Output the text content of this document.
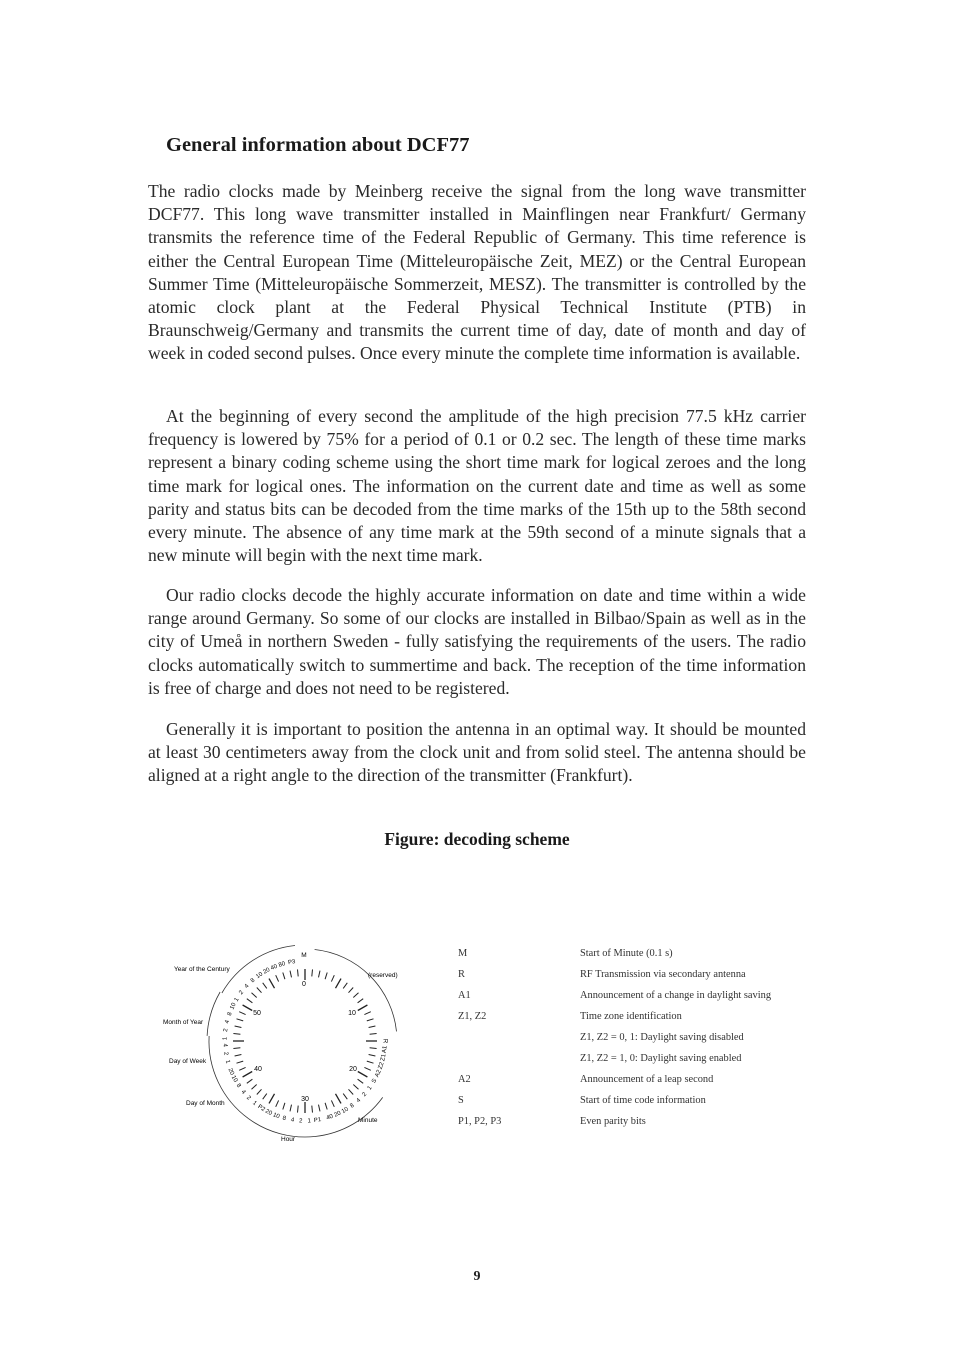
General information about DCF77

The radio clocks made by Meinberg receive the signal from the long wave transmitter DCF77. This long wave transmitter installed in Mainflingen near Frankfurt/ Germany transmits the reference time of the Federal Republic of Germany. This time reference is either the Central European Time (Mitteleuropäische Zeit, MEZ) or the Central European Summer Time (Mitteleuropäische Sommerzeit, MESZ). The transmitter is controlled by the atomic clock plant at the Federal Physical Technical Institute (PTB) in Braunschweig/Germany and transmits the current time of day, date of month and day of week in coded second pulses. Once every minute the complete time information is available.

At the beginning of every second the amplitude of the high precision 77.5 kHz carrier frequency is lowered by 75% for a period of 0.1 or 0.2 sec. The length of these time marks represent a binary coding scheme using the short time mark for logical zeroes and the long time mark for logical ones. The information on the current date and time as well as some parity and status bits can be decoded from the time marks of the 15th up to the 58th second every minute. The absence of any time mark at the 59th second of a minute signals that a new minute will begin with the next time mark.

Our radio clocks decode the highly accurate information on date and time within a wide range around Germany. So some of our clocks are installed in Bilbao/Spain as well as in the city of Umeå in northern Sweden - fully satisfying the requirements of the users. The radio clocks automatically switch to summertime and back. The reception of the time information is free of charge and does not need to be registered.

Generally it is important to position the antenna in an optimal way. It should be mounted at least 30 centimeters away from the clock unit and from solid steel. The antenna should be aligned at a right angle to the direction of the transmitter (Frankfurt).

Figure: decoding scheme
0
10
20
30
40
50
M
(reserved)
Year of the Century
Month of Year
Day of Week
Day of Month
Hour
Minute
R
A1
Z1
Z2
A2
S
1
2
4
8
10
20
40
P1
1
2
4
8
10
20
P2
1
2
4
8
10
20
1
2
4
1
2
4
8
10
1
2
4
8
10
20
40 80 P3
M	Start of Minute (0.1 s)
R	RF Transmission via secondary antenna
A1	Announcement of a change in daylight saving
Z1, Z2	Time zone identification
Z1, Z2 = 0, 1: Daylight saving disabled
Z1, Z2 = 1, 0: Daylight saving enabled
A2	Announcement of a leap second
S	Start of time code information
P1, P2, P3	Even parity bits
9
